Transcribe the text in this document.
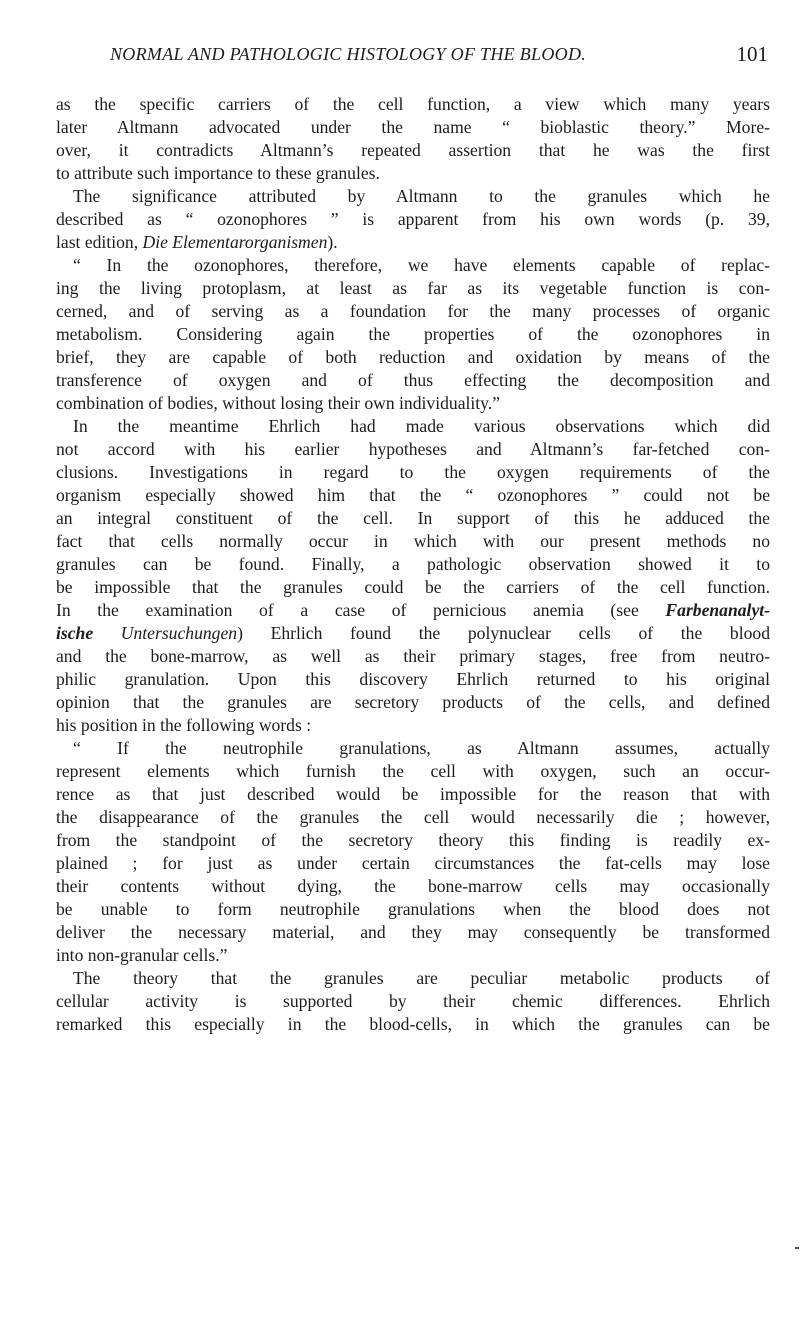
NORMAL AND PATHOLOGIC HISTOLOGY OF THE BLOOD.	101

as the specific carriers of the cell function, a view which many years
later Altmann advocated under the name “ bioblastic theory.” More-
over, it contradicts Altmann’s repeated assertion that he was the first
to attribute such importance to these granules.

The significance attributed by Altmann to the granules which he
described as “ ozonophores ” is apparent from his own words (p. 39,
last edition, Die Elementarorganismen).

“ In the ozonophores, therefore, we have elements capable of replac-
ing the living protoplasm, at least as far as its vegetable function is con-
cerned, and of serving as a foundation for the many processes of organic
metabolism. Considering again the properties of the ozonophores in
brief, they are capable of both reduction and oxidation by means of the
transference of oxygen and of thus effecting the decomposition and
combination of bodies, without losing their own individuality.”

In the meantime Ehrlich had made various observations which did
not accord with his earlier hypotheses and Altmann’s far-fetched con-
clusions. Investigations in regard to the oxygen requirements of the
organism especially showed him that the “ ozonophores ” could not be
an integral constituent of the cell. In support of this he adduced the
fact that cells normally occur in which with our present methods no
granules can be found. Finally, a pathologic observation showed it to
be impossible that the granules could be the carriers of the cell function.
In the examination of a case of pernicious anemia (see Farbenanalyt-
ische Untersuchungen) Ehrlich found the polynuclear cells of the blood
and the bone-marrow, as well as their primary stages, free from neutro-
philic granulation. Upon this discovery Ehrlich returned to his original
opinion that the granules are secretory products of the cells, and defined
his position in the following words :

“ If the neutrophile granulations, as Altmann assumes, actually
represent elements which furnish the cell with oxygen, such an occur-
rence as that just described would be impossible for the reason that with
the disappearance of the granules the cell would necessarily die ; however,
from the standpoint of the secretory theory this finding is readily ex-
plained ; for just as under certain circumstances the fat-cells may lose
their contents without dying, the bone-marrow cells may occasionally
be unable to form neutrophile granulations when the blood does not
deliver the necessary material, and they may consequently be transformed
into non-granular cells.”

The theory that the granules are peculiar metabolic products of
cellular activity is supported by their chemic differences. Ehrlich
remarked this especially in the blood-cells, in which the granules can be
